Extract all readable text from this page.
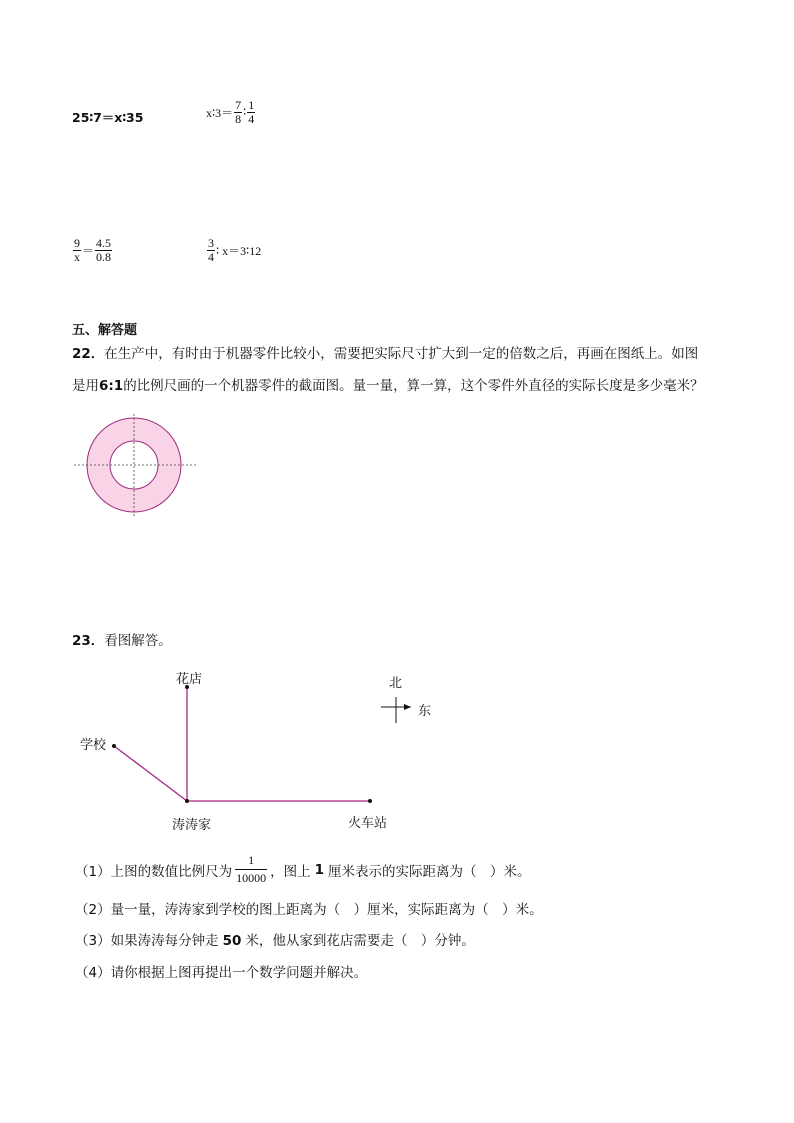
25∶7＝x∶35	x∶3＝ $\frac{7}{8}$ ∶ $\frac{1}{4}$
$\frac{9}{x} = \frac{4.5}{0.8}$	$\frac{3}{4}$ ∶ x＝3∶12
五、解答题
22．在生产中，有时由于机器零件比较小，需要把实际尺寸扩大到一定的倍数之后，再画在图纸上。如图
是用6:1的比例尺画的一个机器零件的截面图。量一量，算一算，这个零件外直径的实际长度是多少毫米？
23．看图解答。
花店
学校
涛涛家	火车站
北
东
（1）上图的数值比例尺为 $\frac{1}{10000}$ ，图上 1 厘米表示的实际距离为（　）米。
（2）量一量，涛涛家到学校的图上距离为（　）厘米，实际距离为（　）米。
（3）如果涛涛每分钟走 50 米，他从家到花店需要走（　）分钟。
（4）请你根据上图再提出一个数学问题并解决。
